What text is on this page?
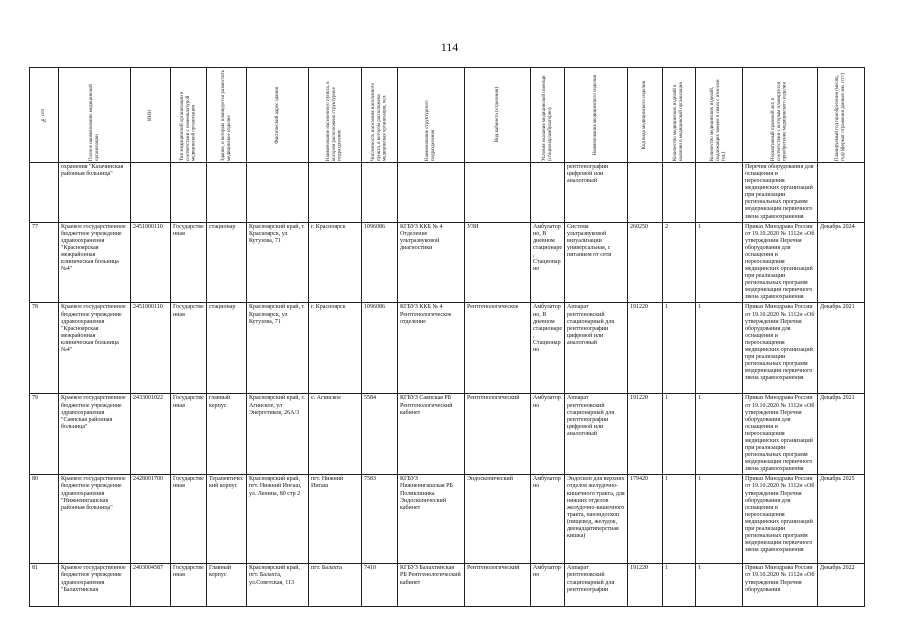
114
№ п/п	Полное наименование медицинской организации	ИНН	Тип медицинской организации в соответствии с номенклатурой медицинской организации	Здание, в которых планируется разместить медицинское изделие	Фактический адрес здания	Наименование населенного пункта, в котором расположено структурное подразделение	Численность населения населенного пункта, в котором расположена медицинская организация, чел.	Наименование структурного подразделения	Вид кабинета (отделения)	Условия оказания медицинской помощи (стационар/амбулаторно)	Наименование медицинского изделия	Код вида медицинского изделия	Количество медицинских изделий в наличии в медицинской организации	Количество медицинских изделий, подлежащих замене в связи с износом (ед.)	Нормативный правовой акт, в соответствии с которым планируется приобретение медицинского изделия	Планируемый год приобретения (месяц, год) (формат отражения данных мм. гггг)

	охранения "Казачинская районная больница"										рентгенографии цифровой или аналоговый				Перечня оборудования для оснащения и переоснащения медицинских организаций при реализации региональных программ модернизации первичного звена здравоохранения	
77	Краевое государственное бюджетное учреждение здравоохранения "Красноярская межрайонная клиническая больница №4"	2451000110	Государственная	стационар	Красноярский край, г. Красноярск, ул Кутузова, 71	г. Красноярск	1096086	КГБУЗ ККБ № 4 Отделение ультразвуковой диагностики	УЗИ	Амбулаторно, В дневном стационаре, Стационарно	Система ультразвуковой визуализации универсальная, с питанием от сети	260250	2	1	Приказ Минздрава России от 19.10.2020 № 1112н «Об утверждении Перечня оборудования для оснащения и переоснащения медицинских организаций при реализации региональных программ модернизации первичного звена здравоохранения	Декабрь 2024
78	Краевое государственное бюджетное учреждение здравоохранения "Красноярская межрайонная клиническая больница №4"	2451000110	Государственная	стационар	Красноярский край, г. Красноярск, ул Кутузова, 71	г. Красноярск	1096086	КГБУЗ ККБ № 4 Рентгенологическое отделение	Рентгенологическое	Амбулаторно, В дневном стационаре, Стационарно	Аппарат рентгеновский стационарный для рентгенографии цифровой или аналоговый	191220	1	1	Приказ Минздрава России от 19.10.2020 № 1112н «Об утверждении Перечня оборудования для оснащения и переоснащения медицинских организаций при реализации региональных программ модернизации первичного звена здравоохранения	Декабрь 2021
79	Краевое государственное бюджетное учреждение здравоохранения "Саянская районная больница"	2433001022	Государственная	главный корпус	Красноярский край, с. Агинское, ул Энергетиков, 26А/3	с. Агинское	5584	КГБУЗ Саянская РБ Рентгенологический кабинет	Рентгенологический	Амбулаторно	Аппарат рентгеновский стационарный для рентгенографии цифровой или аналоговый	191220	1	1	Приказ Минздрава России от 19.10.2020 № 1112н «Об утверждении Перечня оборудования для оснащения и переоснащения медицинских организаций при реализации региональных программ модернизации первичного звена здравоохранения	Декабрь 2021
80	Краевое государственное бюджетное учреждение здравоохранения "Нижнеингашская районная больница"	2428001700	Государственная	Терапевтический корпус	Красноярский край, пгт. Нижний Ингаш, ул. Ленина, 80 стр 2	пгт. Нижний Ингаш	7583	КГБУЗ Нижнеингашская РБ Поликлиника Эндоскопический кабинет	Эндоскопический	Амбулаторно	Эндоскоп для верхних отделов желудочно-кишечного тракта, для нижних отделов желудочно-кишечного тракта, панэндоскоп (пищевод, желудок, двенадцатиперстная кишка)	179420	1	1	Приказ Минздрава России от 19.10.2020 № 1112н «Об утверждении Перечня оборудования для оснащения и переоснащения медицинских организаций при реализации региональных программ модернизации первичного звена здравоохранения	Декабрь 2025
81	Краевое государственное бюджетное учреждение здравоохранения "Балахтинская	2403004587	Государственная	Главный корпус	Красноярский край, пгт. Балахта, ул.Советская, 113	пгт. Балахта	7410	КГБУЗ Балахтинская РБ Рентгенологический кабинет	Рентгенологический	Амбулаторно	Аппарат рентгеновский стационарный для рентгенографии	191220	1	1	Приказ Минздрава России от 19.10.2020 № 1112н «Об утверждении Перечня оборудования	Декабрь 2022
